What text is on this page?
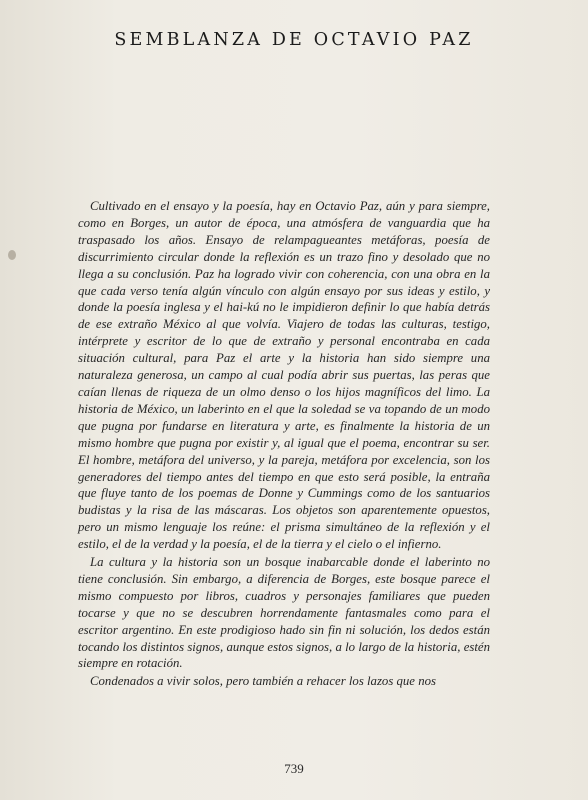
SEMBLANZA DE OCTAVIO PAZ

Cultivado en el ensayo y la poesía, hay en Octavio Paz, aún y para siempre, como en Borges, un autor de época, una atmósfera de vanguardia que ha traspasado los años. Ensayo de relampagueantes metáforas, poesía de discurrimiento circular donde la reflexión es un trazo fino y desolado que no llega a su conclusión. Paz ha logrado vivir con coherencia, con una obra en la que cada verso tenía algún vínculo con algún ensayo por sus ideas y estilo, y donde la poesía inglesa y el hai-kú no le impidieron definir lo que había detrás de ese extraño México al que volvía. Viajero de todas las culturas, testigo, intérprete y escritor de lo que de extraño y personal encontraba en cada situación cultural, para Paz el arte y la historia han sido siempre una naturaleza generosa, un campo al cual podía abrir sus puertas, las peras que caían llenas de riqueza de un olmo denso o los hijos magníficos del limo. La historia de México, un laberinto en el que la soledad se va topando de un modo que pugna por fundarse en literatura y arte, es finalmente la historia de un mismo hombre que pugna por existir y, al igual que el poema, encontrar su ser. El hombre, metáfora del universo, y la pareja, metáfora por excelencia, son los generadores del tiempo antes del tiempo en que esto será posible, la entraña que fluye tanto de los poemas de Donne y Cummings como de los santuarios budistas y la risa de las máscaras. Los objetos son aparentemente opuestos, pero un mismo lenguaje los reúne: el prisma simultáneo de la reflexión y el estilo, el de la verdad y la poesía, el de la tierra y el cielo o el infierno.

La cultura y la historia son un bosque inabarcable donde el laberinto no tiene conclusión. Sin embargo, a diferencia de Borges, este bosque parece el mismo compuesto por libros, cuadros y personajes familiares que pueden tocarse y que no se descubren horrendamente fantasmales como para el escritor argentino. En este prodigioso hado sin fin ni solución, los dedos están tocando los distintos signos, aunque estos signos, a lo largo de la historia, estén siempre en rotación.

Condenados a vivir solos, pero también a rehacer los lazos que nos

739
